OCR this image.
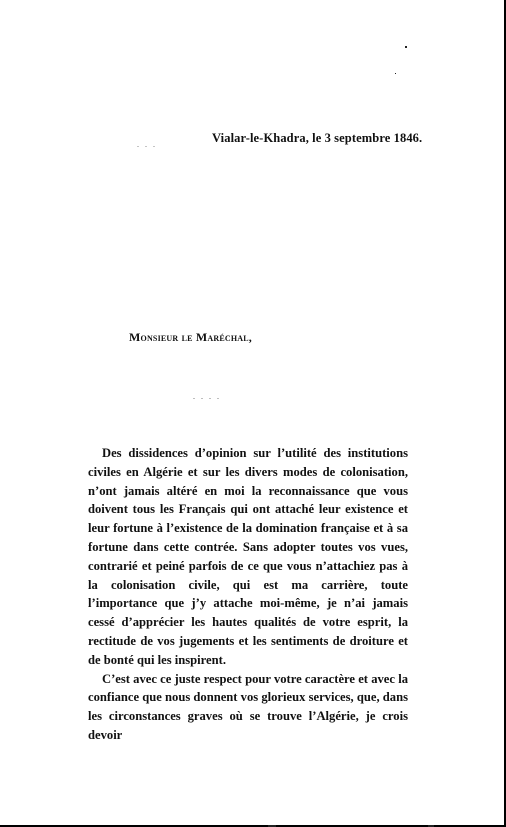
. . .
. . . .
Vialar-le-Khadra, le 3 septembre 1846.
Monsieur le Maréchal,

Des dissidences d’opinion sur l’utilité des institutions civiles en Algérie et sur les divers modes de colonisation, n’ont jamais altéré en moi la reconnaissance que vous doivent tous les Français qui ont attaché leur existence et leur fortune à l’existence de la domination française et à sa fortune dans cette contrée. Sans adopter toutes vos vues, contrarié et peiné parfois de ce que vous n’attachiez pas à la colonisation civile, qui est ma carrière, toute l’importance que j’y attache moi-même, je n’ai jamais cessé d’apprécier les hautes qualités de votre esprit, la rectitude de vos jugements et les sentiments de droiture et de bonté qui les inspirent.

C’est avec ce juste respect pour votre caractère et avec la confiance que nous donnent vos glorieux services, que, dans les circonstances graves où se trouve l’Algérie, je crois devoir
